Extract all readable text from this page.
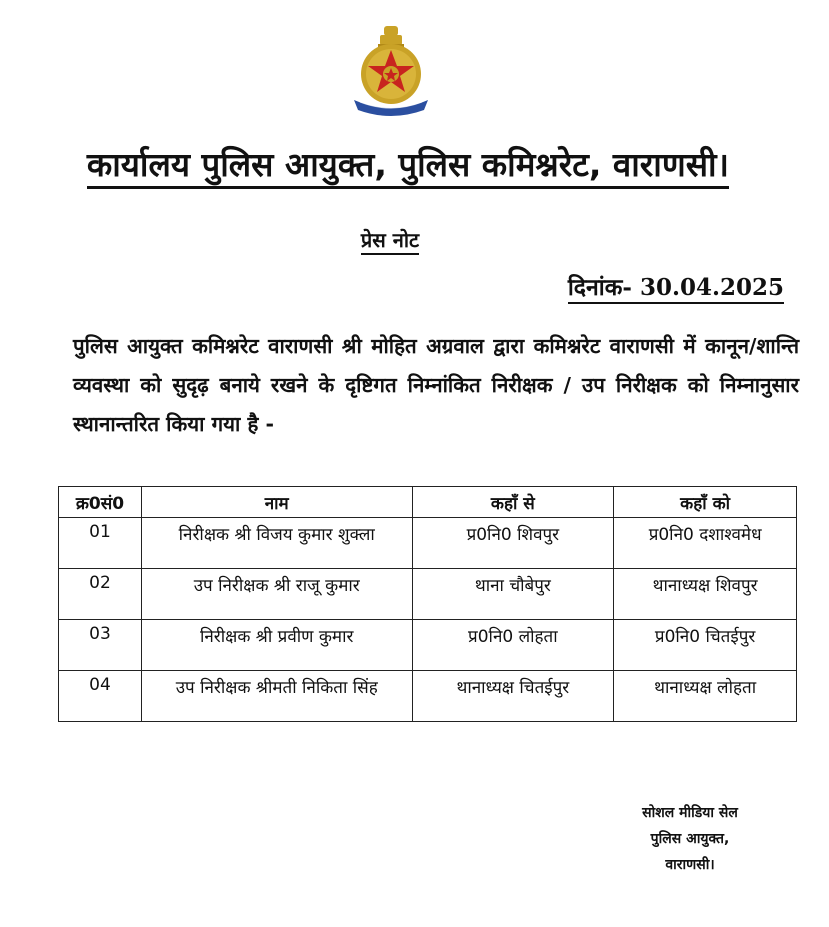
कार्यालय पुलिस आयुक्त, पुलिस कमिश्नरेट, वाराणसी।
प्रेस नोट
दिनांक- 30.04.2025
पुलिस आयुक्त कमिश्नरेट वाराणसी श्री मोहित अग्रवाल द्वारा कमिश्नरेट वाराणसी में कानून/शान्ति व्यवस्था को सुदृढ़ बनाये रखने के दृष्टिगत निम्नांकित निरीक्षक / उप निरीक्षक को निम्नानुसार स्थानान्तरित किया गया है -
क्र0सं0	नाम	कहाँ से	कहाँ को
01	निरीक्षक श्री विजय कुमार शुक्ला	प्र0नि0 शिवपुर	प्र0नि0 दशाश्वमेध
02	उप निरीक्षक श्री राजू कुमार	थाना चौबेपुर	थानाध्यक्ष शिवपुर
03	निरीक्षक श्री प्रवीण कुमार	प्र0नि0 लोहता	प्र0नि0 चितईपुर
04	उप निरीक्षक श्रीमती निकिता सिंह	थानाध्यक्ष चितईपुर	थानाध्यक्ष लोहता
सोशल मीडिया सेल
पुलिस आयुक्त,
वाराणसी।
